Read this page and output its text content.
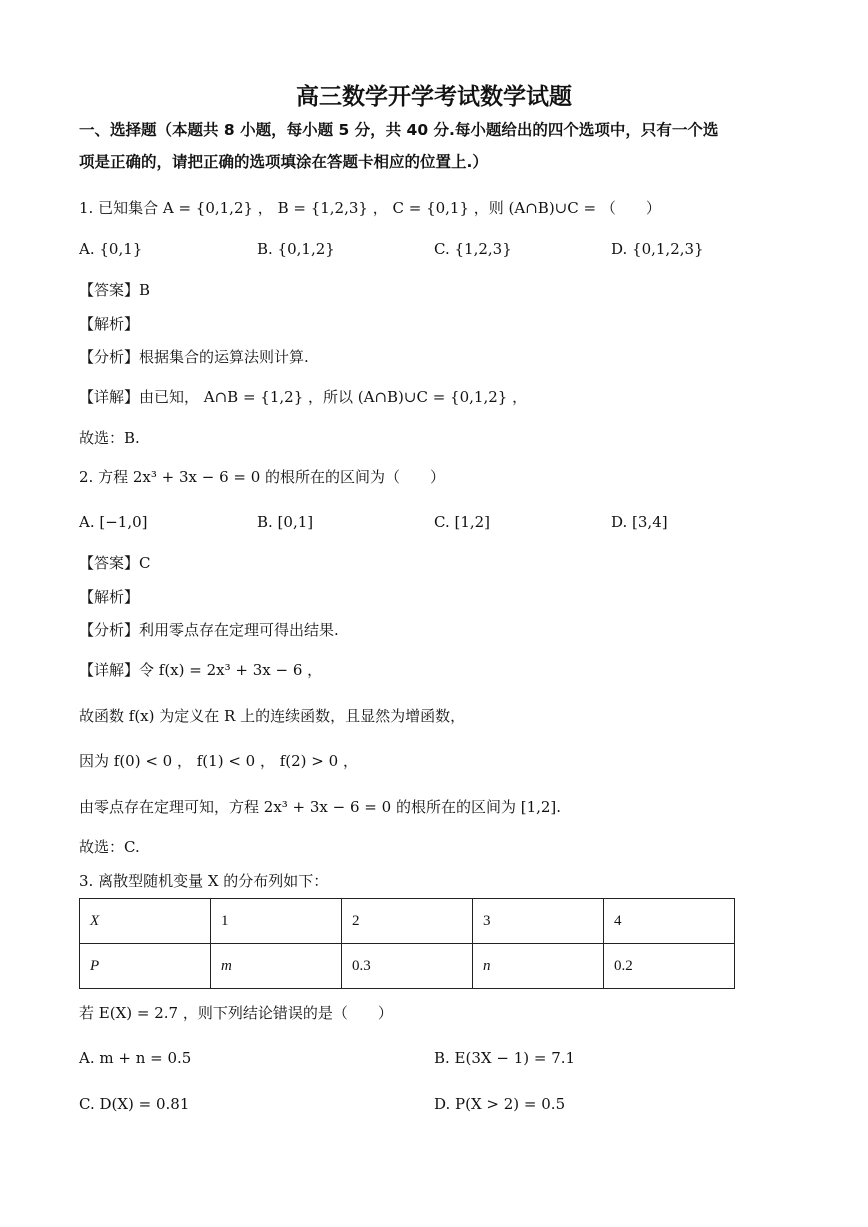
高三数学开学考试数学试题
一、选择题（本题共 8 小题，每小题 5 分，共 40 分.每小题给出的四个选项中，只有一个选
项是正确的，请把正确的选项填涂在答题卡相应的位置上.）
1. 已知集合 A = {0,1,2} ， B = {1,2,3} ， C = {0,1} ，则 (A∩B)∪C = （　　）
A. {0,1}	B. {0,1,2}	C. {1,2,3}	D. {0,1,2,3}
【答案】B
【解析】
【分析】根据集合的运算法则计算.
【详解】由已知， A∩B = {1,2} ，所以 (A∩B)∪C = {0,1,2} ，
故选：B.
2. 方程 2x³ + 3x − 6 = 0 的根所在的区间为（　　）
A. [−1,0]	B. [0,1]	C. [1,2]	D. [3,4]
【答案】C
【解析】
【分析】利用零点存在定理可得出结果.
【详解】令 f(x) = 2x³ + 3x − 6 ，
故函数 f(x) 为定义在 R 上的连续函数，且显然为增函数，
因为 f(0) < 0 ， f(1) < 0 ， f(2) > 0 ，
由零点存在定理可知，方程 2x³ + 3x − 6 = 0 的根所在的区间为 [1,2].
故选：C.
3. 离散型随机变量 X 的分布列如下：
X	1	2	3	4
P	m	0.3	n	0.2
若 E(X) = 2.7 ，则下列结论错误的是（　　）
A. m + n = 0.5	B. E(3X − 1) = 7.1
C. D(X) = 0.81	D. P(X > 2) = 0.5
